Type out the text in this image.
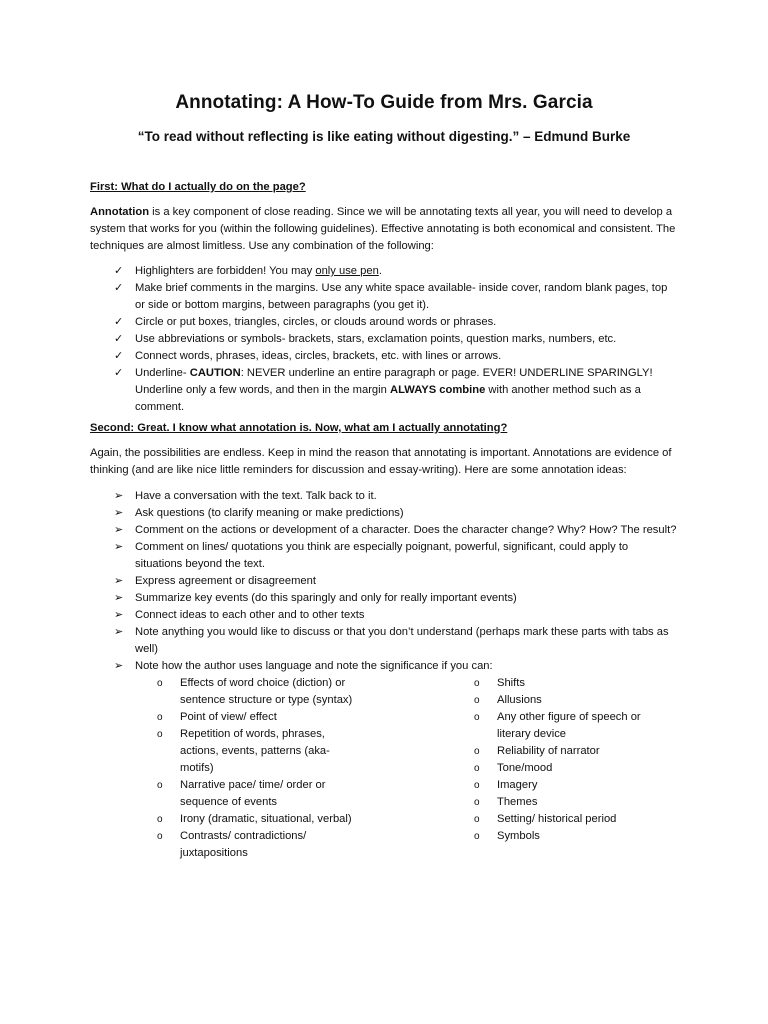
Annotating: A How-To Guide from Mrs. Garcia
“To read without reflecting is like eating without digesting.” – Edmund Burke
First: What do I actually do on the page?

Annotation is a key component of close reading. Since we will be annotating texts all year, you will need to develop a system that works for you (within the following guidelines). Effective annotating is both economical and consistent. The techniques are almost limitless. Use any combination of the following:

✓ Highlighters are forbidden! You may only use pen.
✓ Make brief comments in the margins. Use any white space available- inside cover, random blank pages, top or side or bottom margins, between paragraphs (you get it).
✓ Circle or put boxes, triangles, circles, or clouds around words or phrases.
✓ Use abbreviations or symbols- brackets, stars, exclamation points, question marks, numbers, etc.
✓ Connect words, phrases, ideas, circles, brackets, etc. with lines or arrows.
✓ Underline- CAUTION: NEVER underline an entire paragraph or page. EVER! UNDERLINE SPARINGLY! Underline only a few words, and then in the margin ALWAYS combine with another method such as a comment.
Second: Great. I know what annotation is. Now, what am I actually annotating?

Again, the possibilities are endless. Keep in mind the reason that annotating is important. Annotations are evidence of thinking (and are like nice little reminders for discussion and essay-writing). Here are some annotation ideas:

➢ Have a conversation with the text. Talk back to it.
➢ Ask questions (to clarify meaning or make predictions)
➢ Comment on the actions or development of a character. Does the character change? Why? How? The result?
➢ Comment on lines/ quotations you think are especially poignant, powerful, significant, could apply to situations beyond the text.
➢ Express agreement or disagreement
➢ Summarize key events (do this sparingly and only for really important events)
➢ Connect ideas to each other and to other texts
➢ Note anything you would like to discuss or that you don’t understand (perhaps mark these parts with tabs as well)
➢ Note how the author uses language and note the significance if you can:
o Effects of word choice (diction) or sentence structure or type (syntax)
o Point of view/ effect
o Repetition of words, phrases, actions, events, patterns (aka-motifs)
o Narrative pace/ time/ order or sequence of events
o Irony (dramatic, situational, verbal)
o Contrasts/ contradictions/ juxtapositions
o Shifts
o Allusions
o Any other figure of speech or literary device
o Reliability of narrator
o Tone/mood
o Imagery
o Themes
o Setting/ historical period
o Symbols
